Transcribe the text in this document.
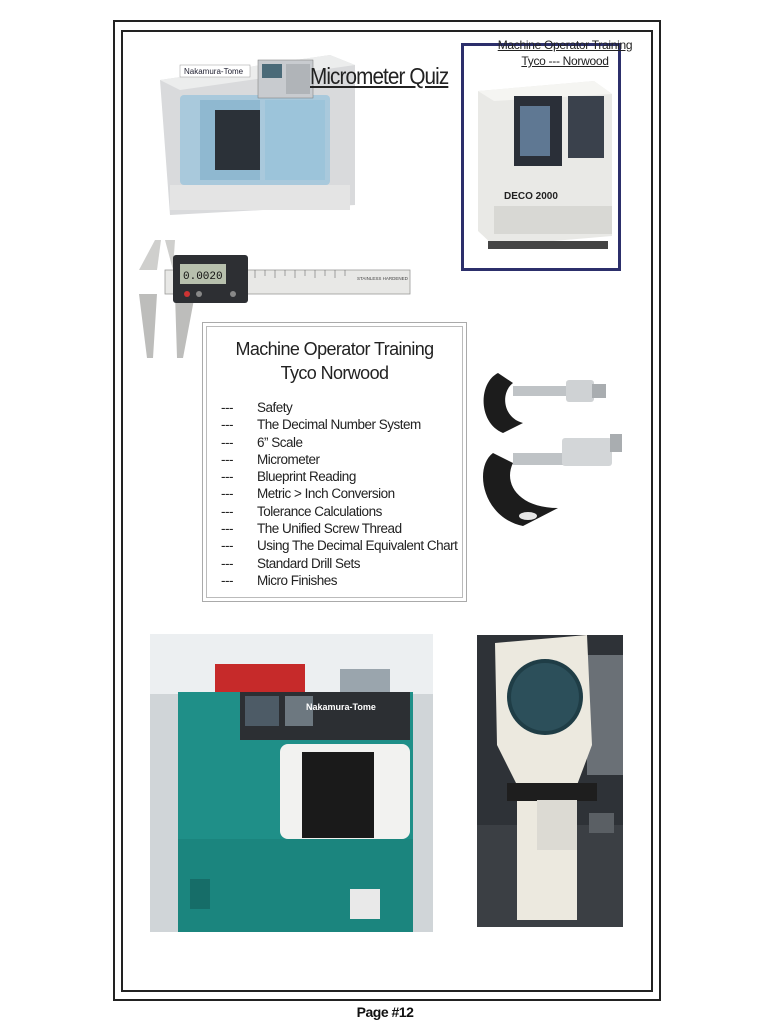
Nakamura-Tome	Micrometer Quiz
DECO 2000
Machine Operator Training
Tyco --- Norwood
0.0020	STAINLESS HARDENED
Machine Operator Training
Tyco Norwood
---	Safety
---	The Decimal Number System
---	6” Scale
---	Micrometer
---	Blueprint Reading
---	Metric > Inch Conversion
---	Tolerance Calculations
---	The Unified Screw Thread
---	Using The Decimal Equivalent Chart
---	Standard Drill Sets
---	Micro Finishes
Nakamura-Tome
Page #12
